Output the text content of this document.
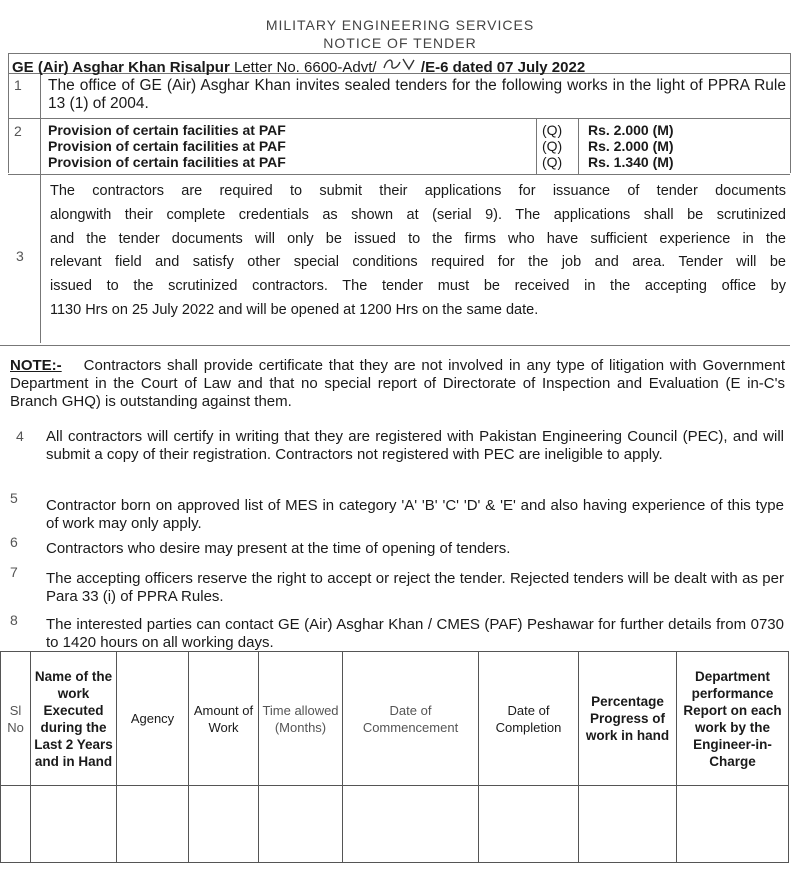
MILITARY ENGINEERING SERVICES
NOTICE OF TENDER
GE (Air) Asghar Khan Risalpur Letter No. 6600-Advt/	/E-6 dated 07 July 2022
1 The office of GE (Air) Asghar Khan invites sealed tenders for the following works in the light of PPRA Rule 13 (1) of 2004.
2 Provision of certain facilities at PAF	(Q) Rs. 2.000 (M)
Provision of certain facilities at PAF	(Q) Rs. 2.000 (M)
Provision of certain facilities at PAF	(Q) Rs. 1.340 (M)
3
The contractors are required to submit their applications for issuance of tender documents
alongwith their complete credentials as shown at (serial 9). The applications shall be scrutinized
and the tender documents will only be issued to the firms who have sufficient experience in the
relevant field and satisfy other special conditions required for the job and area. Tender will be
issued to the scrutinized contractors. The tender must be received in the accepting office by
1130 Hrs on 25 July 2022 and will be opened at 1200 Hrs on the same date.
NOTE:- Contractors shall provide certificate that they are not involved in any type of litigation with Government Department in the Court of Law and that no special report of Directorate of Inspection and Evaluation (E in-C's Branch GHQ) is outstanding against them.
4 All contractors will certify in writing that they are registered with Pakistan Engineering Council (PEC), and will submit a copy of their registration. Contractors not registered with PEC are ineligible to apply.
5 Contractor born on approved list of MES in category 'A' 'B' 'C' 'D' & 'E' and also having experience of this type of work may only apply.
6 Contractors who desire may present at the time of opening of tenders.
7 The accepting officers reserve the right to accept or reject the tender. Rejected tenders will be dealt with as per Para 33 (i) of PPRA Rules.
8 The interested parties can contact GE (Air) Asghar Khan / CMES (PAF) Peshawar for further details from 0730 to 1420 hours on all working days.
Sl No	Name of the work Executed during the Last 2 Years and in Hand	Agency	Amount of Work	Time allowed (Months)	Date of Commencement	Date of Completion	Percentage Progress of work in hand	Department performance Report on each work by the Engineer-in-Charge
